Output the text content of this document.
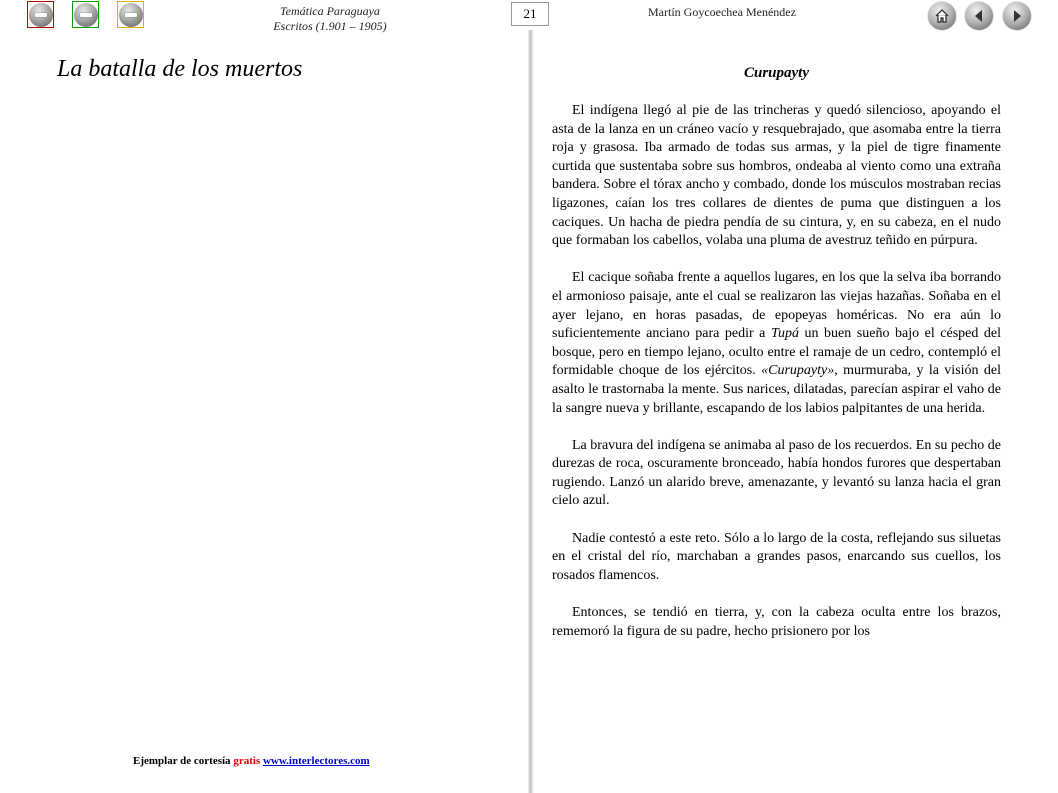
Temática Paraguaya
Escritos (1.901 – 1905)
21	Martín Goycoechea Menéndez
La batalla de los muertos	Curupayty

El indígena llegó al pie de las trincheras y quedó silencioso, apoyando el asta de la lanza en un cráneo vacío y resquebrajado, que asomaba entre la tierra roja y grasosa. Iba armado de todas sus armas, y la piel de tigre finamente curtida que sustentaba sobre sus hombros, ondeaba al viento como una extraña bandera. Sobre el tórax ancho y combado, donde los músculos mostraban recias ligazones, caían los tres collares de dientes de puma que distinguen a los caciques. Un hacha de piedra pendía de su cintura, y, en su cabeza, en el nudo que formaban los cabellos, volaba una pluma de avestruz teñido en púrpura.

El cacique soñaba frente a aquellos lugares, en los que la selva iba borrando el armonioso paisaje, ante el cual se realizaron las viejas hazañas. Soñaba en el ayer lejano, en horas pasadas, de epopeyas homéricas. No era aún lo suficientemente anciano para pedir a Tupá un buen sueño bajo el césped del bosque, pero en tiempo lejano, oculto entre el ramaje de un cedro, contempló el formidable choque de los ejércitos. «Curupayty», murmuraba, y la visión del asalto le trastornaba la mente. Sus narices, dilatadas, parecían aspirar el vaho de la sangre nueva y brillante, escapando de los labios palpitantes de una herida.

La bravura del indígena se animaba al paso de los recuerdos. En su pecho de durezas de roca, oscuramente bronceado, había hondos furores que despertaban rugiendo. Lanzó un alarido breve, amenazante, y levantó su lanza hacia el gran cielo azul.

Nadie contestó a este reto. Sólo a lo largo de la costa, reflejando sus siluetas en el cristal del río, marchaban a grandes pasos, enarcando sus cuellos, los rosados flamencos.

Entonces, se tendió en tierra, y, con la cabeza oculta entre los brazos, rememoró la figura de su padre, hecho prisionero por los

Ejemplar de cortesía gratis www.interlectores.com
